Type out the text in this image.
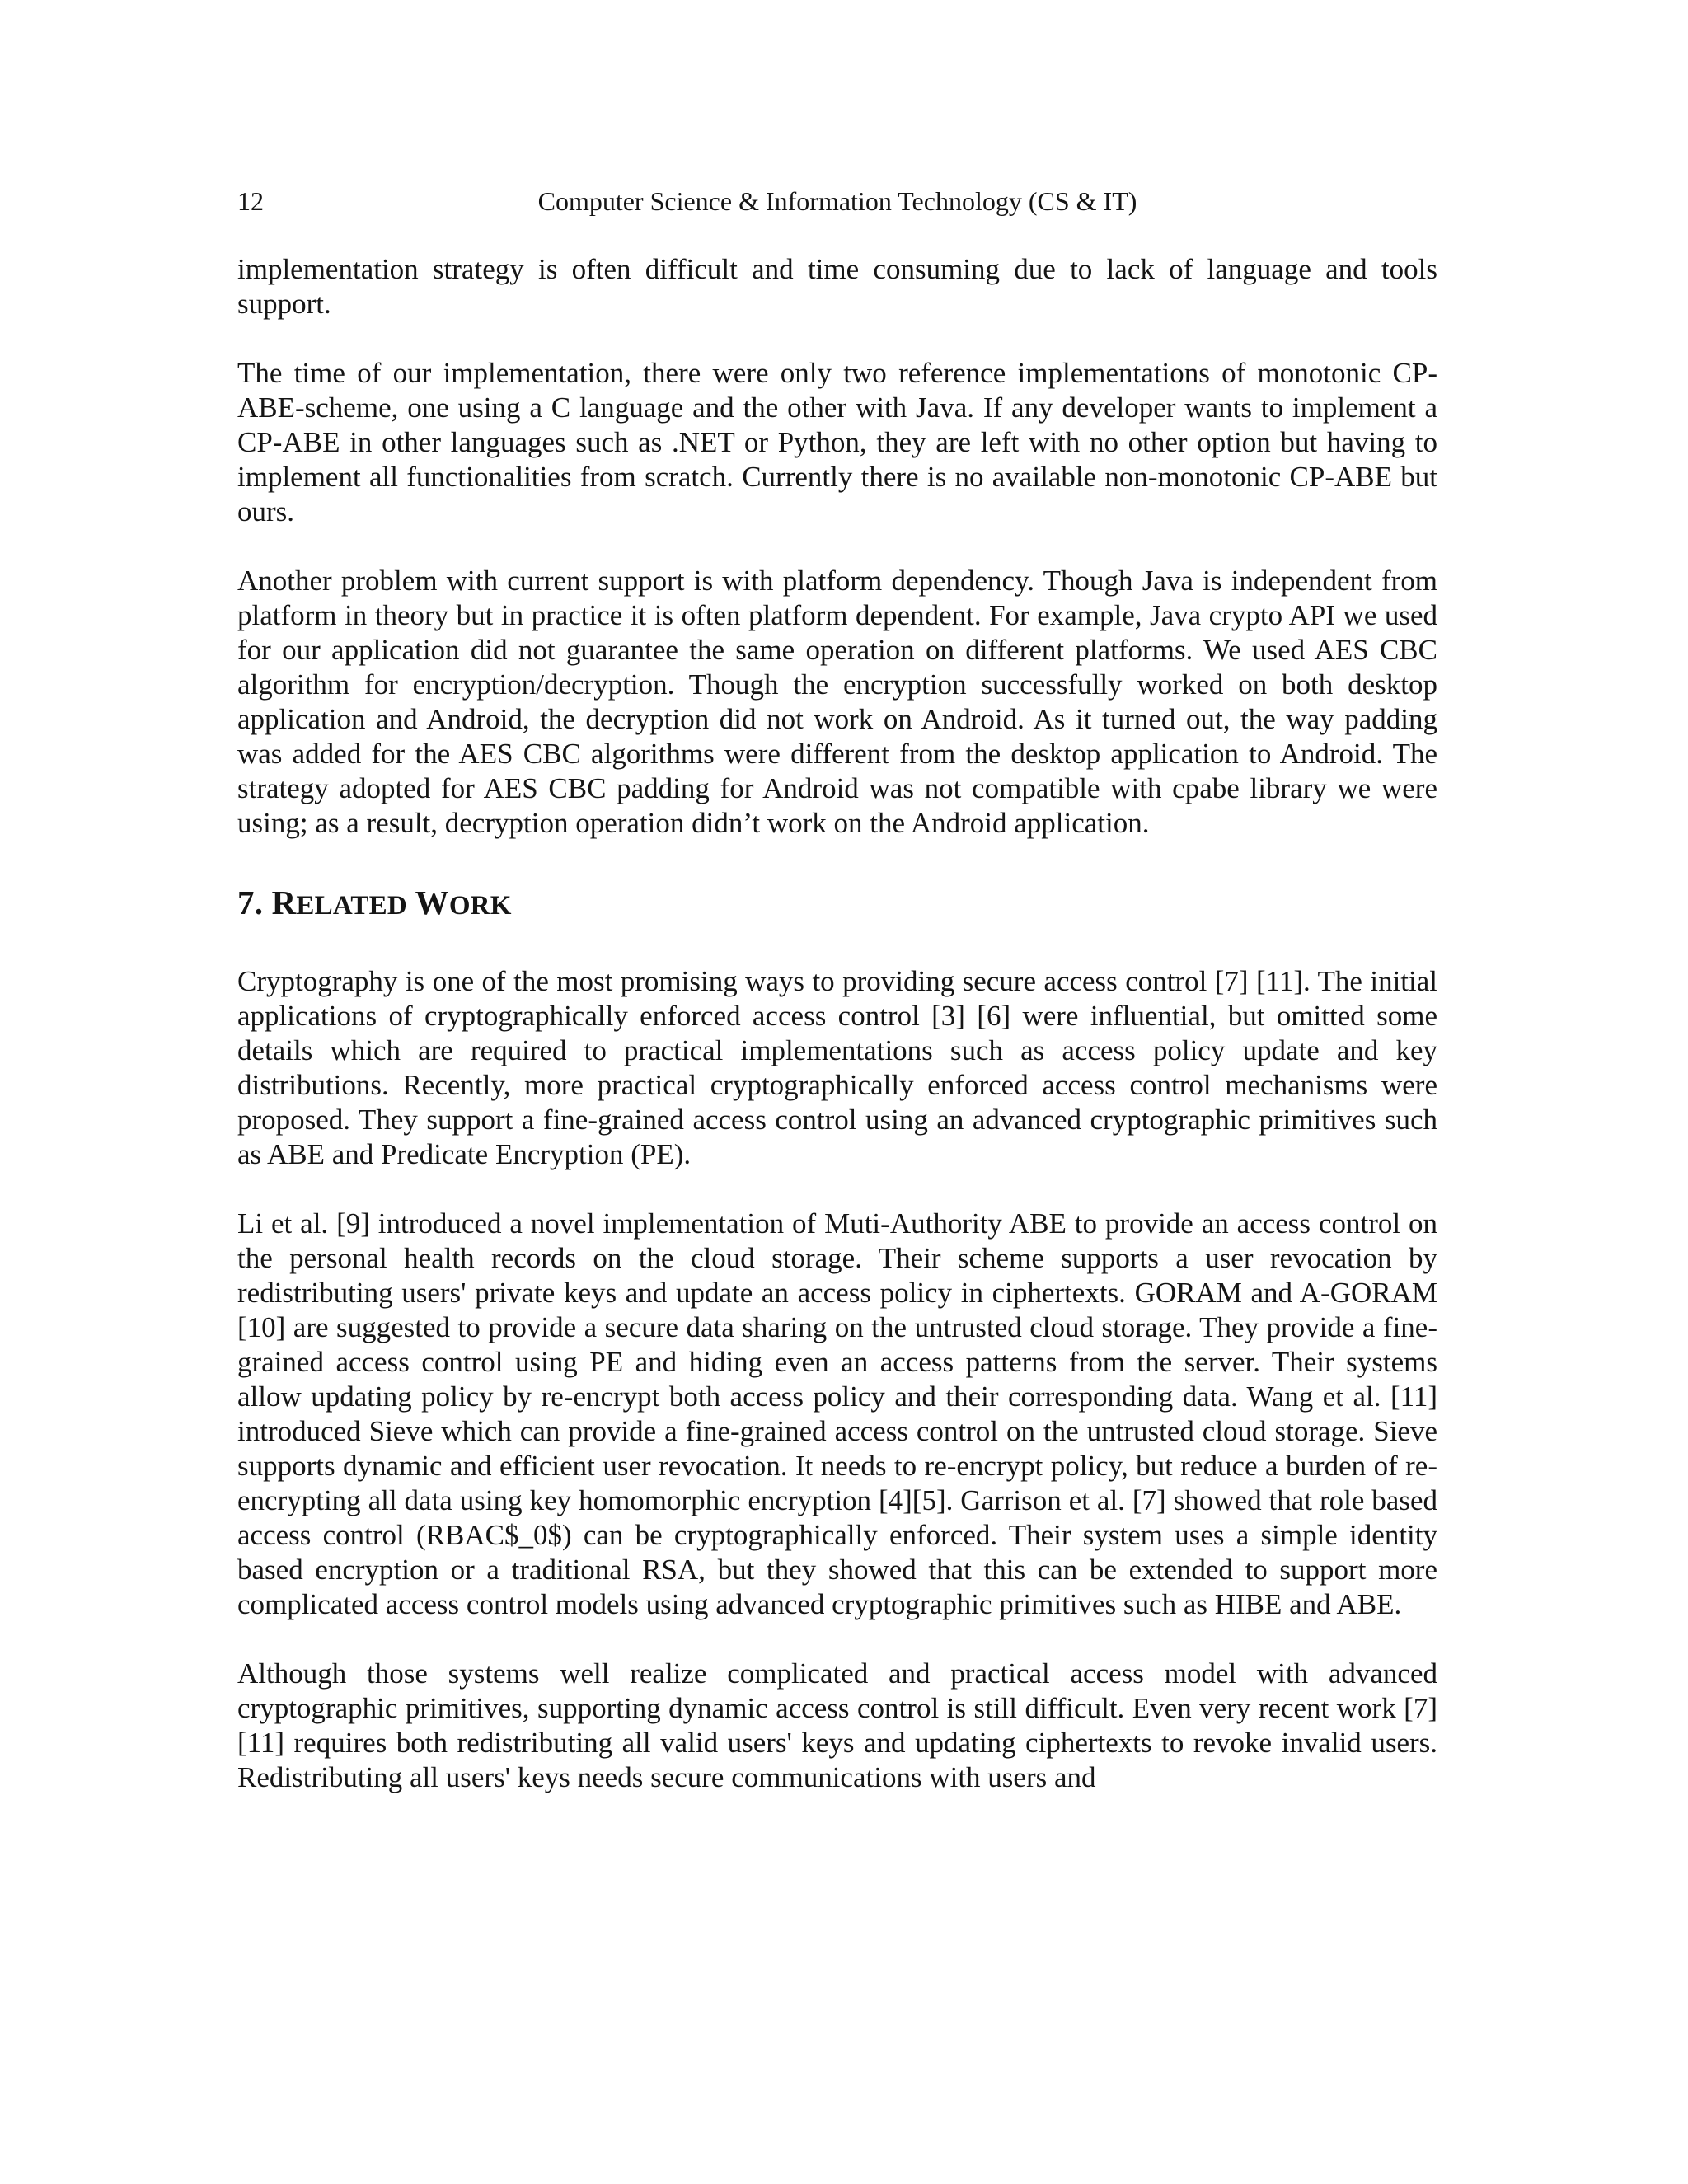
12	Computer Science & Information Technology (CS & IT)

implementation strategy is often difficult and time consuming due to lack of language and tools support.

The time of our implementation, there were only two reference implementations of monotonic CP-ABE-scheme, one using a C language and the other with Java. If any developer wants to implement a CP-ABE in other languages such as .NET or Python, they are left with no other option but having to implement all functionalities from scratch. Currently there is no available non-monotonic CP-ABE but ours.

Another problem with current support is with platform dependency. Though Java is independent from platform in theory but in practice it is often platform dependent. For example, Java crypto API we used for our application did not guarantee the same operation on different platforms. We used AES CBC algorithm for encryption/decryption. Though the encryption successfully worked on both desktop application and Android, the decryption did not work on Android. As it turned out, the way padding was added for the AES CBC algorithms were different from the desktop application to Android. The strategy adopted for AES CBC padding for Android was not compatible with cpabe library we were using; as a result, decryption operation didn’t work on the Android application.

7. RELATED WORK

Cryptography is one of the most promising ways to providing secure access control [7] [11]. The initial applications of cryptographically enforced access control [3] [6] were influential, but omitted some details which are required to practical implementations such as access policy update and key distributions. Recently, more practical cryptographically enforced access control mechanisms were proposed. They support a fine-grained access control using an advanced cryptographic primitives such as ABE and Predicate Encryption (PE).

Li et al. [9] introduced a novel implementation of Muti-Authority ABE to provide an access control on the personal health records on the cloud storage. Their scheme supports a user revocation by redistributing users' private keys and update an access policy in ciphertexts. GORAM and A-GORAM [10] are suggested to provide a secure data sharing on the untrusted cloud storage. They provide a fine-grained access control using PE and hiding even an access patterns from the server. Their systems allow updating policy by re-encrypt both access policy and their corresponding data. Wang et al. [11] introduced Sieve which can provide a fine-grained access control on the untrusted cloud storage. Sieve supports dynamic and efficient user revocation. It needs to re-encrypt policy, but reduce a burden of re-encrypting all data using key homomorphic encryption [4][5]. Garrison et al. [7] showed that role based access control (RBAC$_0$) can be cryptographically enforced. Their system uses a simple identity based encryption or a traditional RSA, but they showed that this can be extended to support more complicated access control models using advanced cryptographic primitives such as HIBE and ABE.

Although those systems well realize complicated and practical access model with advanced cryptographic primitives, supporting dynamic access control is still difficult. Even very recent work [7][11] requires both redistributing all valid users' keys and updating ciphertexts to revoke invalid users. Redistributing all users' keys needs secure communications with users and
